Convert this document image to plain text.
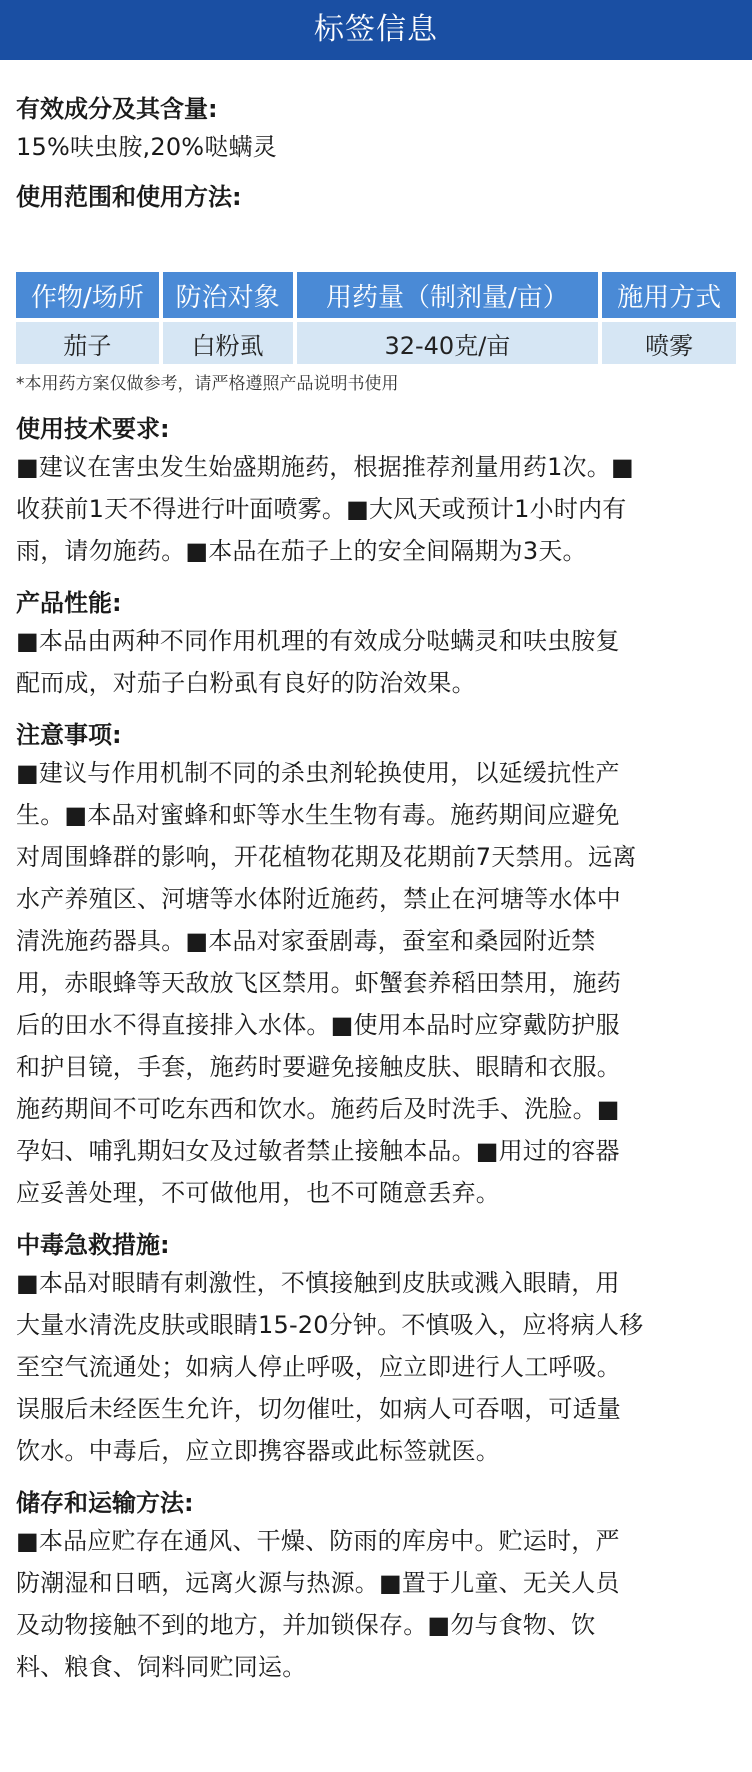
标签信息
有效成分及其含量:

15%呋虫胺,20%哒螨灵

使用范围和使用方法:
作物/场所	防治对象	用药量（制剂量/亩）	施用方式
茄子	白粉虱	32-40克/亩	喷雾

*本用药方案仅做参考，请严格遵照产品说明书使用

使用技术要求:

■建议在害虫发生始盛期施药，根据推荐剂量用药1次。■

收获前1天不得进行叶面喷雾。■大风天或预计1小时内有

雨，请勿施药。■本品在茄子上的安全间隔期为3天。

产品性能:

■本品由两种不同作用机理的有效成分哒螨灵和呋虫胺复

配而成，对茄子白粉虱有良好的防治效果。

注意事项:

■建议与作用机制不同的杀虫剂轮换使用，以延缓抗性产

生。■本品对蜜蜂和虾等水生生物有毒。施药期间应避免

对周围蜂群的影响，开花植物花期及花期前7天禁用。远离

水产养殖区、河塘等水体附近施药，禁止在河塘等水体中

清洗施药器具。■本品对家蚕剧毒，蚕室和桑园附近禁

用，赤眼蜂等天敌放飞区禁用。虾蟹套养稻田禁用，施药

后的田水不得直接排入水体。■使用本品时应穿戴防护服

和护目镜，手套，施药时要避免接触皮肤、眼睛和衣服。

施药期间不可吃东西和饮水。施药后及时洗手、洗脸。■

孕妇、哺乳期妇女及过敏者禁止接触本品。■用过的容器

应妥善处理，不可做他用，也不可随意丢弃。

中毒急救措施:

■本品对眼睛有刺激性，不慎接触到皮肤或溅入眼睛，用

大量水清洗皮肤或眼睛15-20分钟。不慎吸入，应将病人移

至空气流通处；如病人停止呼吸，应立即进行人工呼吸。

误服后未经医生允许，切勿催吐，如病人可吞咽，可适量

饮水。中毒后，应立即携容器或此标签就医。

储存和运输方法:

■本品应贮存在通风、干燥、防雨的库房中。贮运时，严

防潮湿和日晒，远离火源与热源。■置于儿童、无关人员

及动物接触不到的地方，并加锁保存。■勿与食物、饮

料、粮食、饲料同贮同运。
